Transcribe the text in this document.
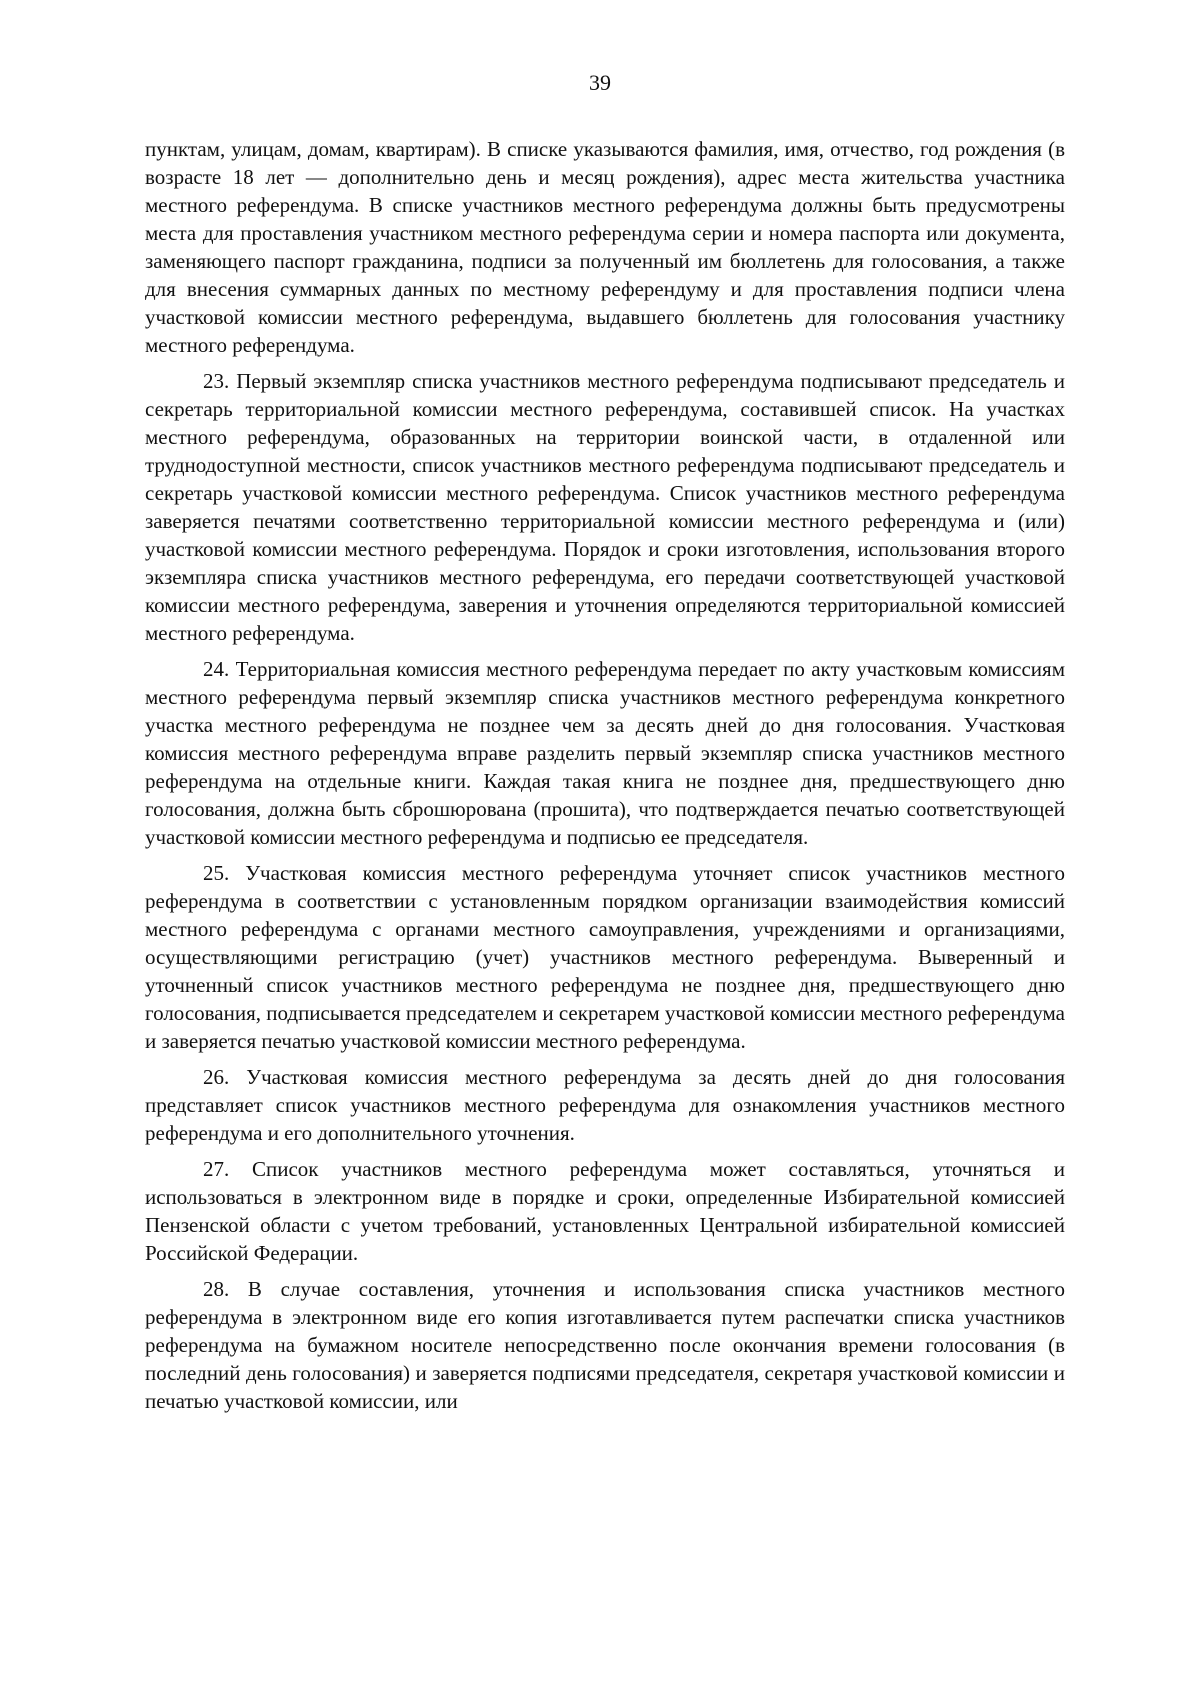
39

пунктам, улицам, домам, квартирам). В списке указываются фамилия, имя, отчество, год рождения (в возрасте 18 лет — дополнительно день и месяц рождения), адрес места жительства участника местного референдума. В списке участников местного референдума должны быть предусмотрены места для проставления участником местного референдума серии и номера паспорта или документа, заменяющего паспорт гражданина, подписи за полученный им бюллетень для голосования, а также для внесения суммарных данных по местному референдуму и для проставления подписи члена участковой комиссии местного референдума, выдавшего бюллетень для голосования участнику местного референдума.

23. Первый экземпляр списка участников местного референдума подписывают председатель и секретарь территориальной комиссии местного референдума, составившей список. На участках местного референдума, образованных на территории воинской части, в отдаленной или труднодоступной местности, список участников местного референдума подписывают председатель и секретарь участковой комиссии местного референдума. Список участников местного референдума заверяется печатями соответственно территориальной комиссии местного референдума и (или) участковой комиссии местного референдума. Порядок и сроки изготовления, использования второго экземпляра списка участников местного референдума, его передачи соответствующей участковой комиссии местного референдума, заверения и уточнения определяются территориальной комиссией местного референдума.

24. Территориальная комиссия местного референдума передает по акту участковым комиссиям местного референдума первый экземпляр списка участников местного референдума конкретного участка местного референдума не позднее чем за десять дней до дня голосования. Участковая комиссия местного референдума вправе разделить первый экземпляр списка участников местного референдума на отдельные книги. Каждая такая книга не позднее дня, предшествующего дню голосования, должна быть сброшюрована (прошита), что подтверждается печатью соответствующей участковой комиссии местного референдума и подписью ее председателя.

25. Участковая комиссия местного референдума уточняет список участников местного референдума в соответствии с установленным порядком организации взаимодействия комиссий местного референдума с органами местного самоуправления, учреждениями и организациями, осуществляющими регистрацию (учет) участников местного референдума. Выверенный и уточненный список участников местного референдума не позднее дня, предшествующего дню голосования, подписывается председателем и секретарем участковой комиссии местного референдума и заверяется печатью участковой комиссии местного референдума.

26. Участковая комиссия местного референдума за десять дней до дня голосования представляет список участников местного референдума для ознакомления участников местного референдума и его дополнительного уточнения.

27. Список участников местного референдума может составляться, уточняться и использоваться в электронном виде в порядке и сроки, определенные Избирательной комиссией Пензенской области с учетом требований, установленных Центральной избирательной комиссией Российской Федерации.

28. В случае составления, уточнения и использования списка участников местного референдума в электронном виде его копия изготавливается путем распечатки списка участников референдума на бумажном носителе непосредственно после окончания времени голосования (в последний день голосования) и заверяется подписями председателя, секретаря участковой комиссии и печатью участковой комиссии, или
